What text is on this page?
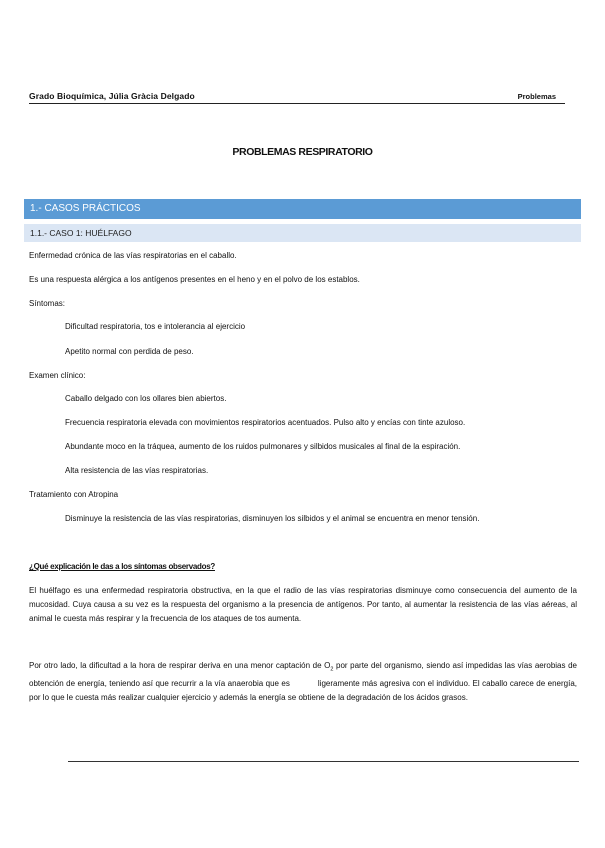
Grado Bioquímica, Júlia Gràcia Delgado	Problemas
PROBLEMAS RESPIRATORIO
1.- CASOS PRÁCTICOS
1.1.- CASO 1: HUÉLFAGO
Enfermedad crónica de las vías respiratorias en el caballo.
Es una respuesta alérgica a los antígenos presentes en el heno y en el polvo de los establos.
Síntomas:
Dificultad respiratoria, tos e intolerancia al ejercicio
Apetito normal con perdida de peso.
Examen clínico:
Caballo delgado con los ollares bien abiertos.
Frecuencia respiratoria elevada con movimientos respiratorios acentuados. Pulso alto y encías con tinte azuloso.
Abundante moco en la tráquea, aumento de los ruidos pulmonares y silbidos musicales al final de la espiración.
Alta resistencia de las vías respiratorias.
Tratamiento con Atropina
Disminuye la resistencia de las vías respiratorias, disminuyen los silbidos y el animal se encuentra en menor tensión.
¿Qué explicación le das a los síntomas observados?
El huélfago es una enfermedad respiratoria obstructiva, en la que el radio de las vías respiratorias disminuye como consecuencia del aumento de la mucosidad. Cuya causa a su vez es la respuesta del organismo a la presencia de antígenos. Por tanto, al aumentar la resistencia de las vías aéreas, al animal le cuesta más respirar y la frecuencia de los ataques de tos aumenta.
Por otro lado, la dificultad a la hora de respirar deriva en una menor captación de $O_2$ por parte del organismo, siendo así impedidas las vías aerobias de obtención de energía, teniendo así que recurrir a la vía anaerobia que es	ligeramente más agresiva con el individuo. El caballo carece de energía, por lo que le cuesta más realizar cualquier ejercicio y además la energía se obtiene de la degradación de los ácidos grasos.
